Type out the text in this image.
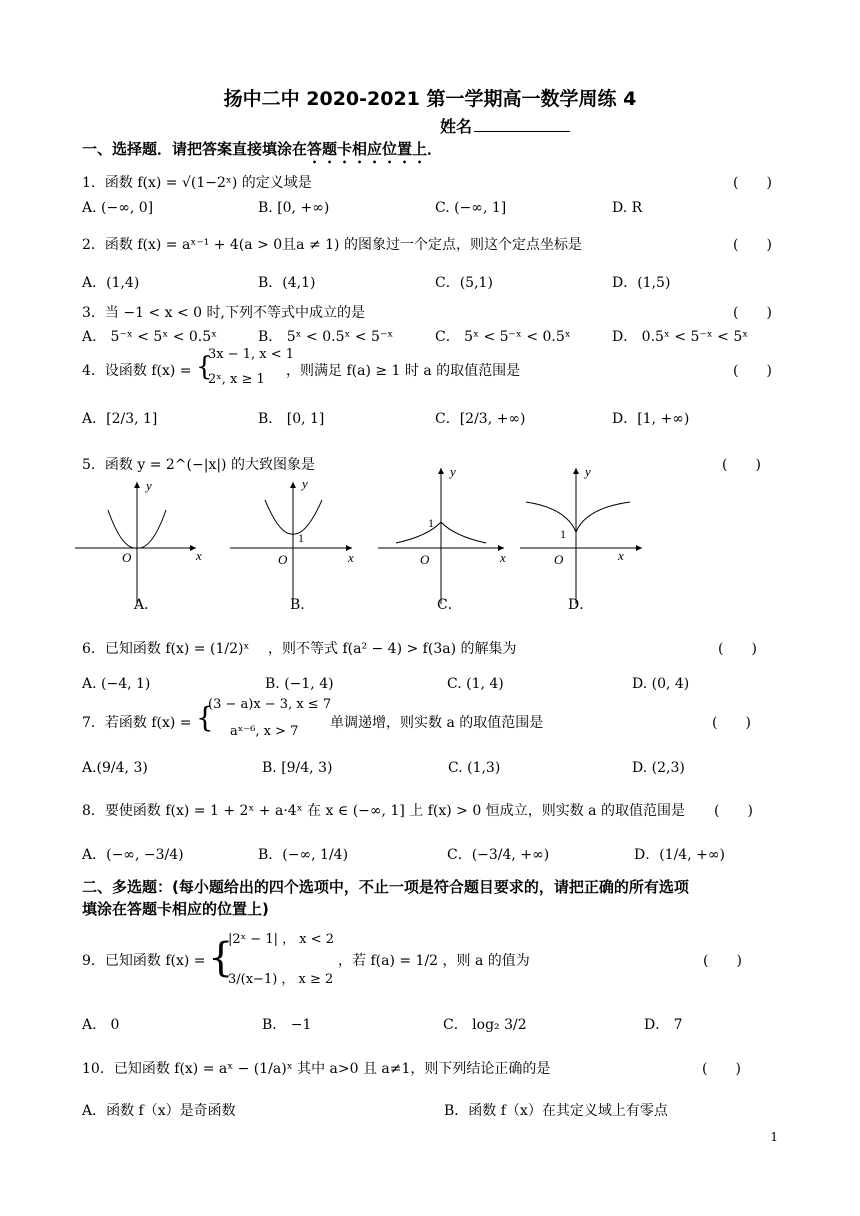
扬中二中 2020-2021 第一学期高一数学周练 4
姓名
一、选择题．请把答案直接填涂在答题卡相应位置上．
1．函数 f(x) = √(1−2ˣ) 的定义域是	(　　)
A. (−∞, 0]	B. [0, +∞)	C. (−∞, 1]	D. R
2．函数 f(x) = aˣ⁻¹ + 4(a > 0且a ≠ 1) 的图象过一个定点，则这个定点坐标是	(　　)
A．(1,4)	B．(4,1)	C．(5,1)	D．(1,5)
3．当 −1 < x < 0 时,下列不等式中成立的是	(　　)
A． 5⁻ˣ < 5ˣ < 0.5ˣ	B． 5ˣ < 0.5ˣ < 5⁻ˣ	C． 5ˣ < 5⁻ˣ < 0.5ˣ	D． 0.5ˣ < 5⁻ˣ < 5ˣ
4．设函数 f(x) = {
3x − 1, x < 1
2ˣ, x ≥ 1
，则满足 f(a) ≥ 1 时 a 的取值范围是	(　　)
A．[2/3, 1]	B． [0, 1]	C．[2/3, +∞)	D．[1, +∞)
5．函数 y = 2^(−|x|) 的大致图象是	(　　)
y
O	x
y
1
O	x
y
1
O	x
y
1
O	x
A．	B．	C．	D．
6．已知函数 f(x) = (1/2)ˣ ，则不等式 f(a² − 4) > f(3a) 的解集为	(　　)
A. (−4, 1)	B. (−1, 4)	C. (1, 4)	D. (0, 4)
7．若函数 f(x) = {
(3 − a)x − 3, x ≤ 7
aˣ⁻⁶, x > 7
单调递增，则实数 a 的取值范围是	(　　)
A.(9/4, 3)	B. [9/4, 3)	C. (1,3)	D. (2,3)
8．要使函数 f(x) = 1 + 2ˣ + a·4ˣ 在 x ∈ (−∞, 1] 上 f(x) > 0 恒成立，则实数 a 的取值范围是 (　　)
A．(−∞, −3/4)	B．(−∞, 1/4)	C．(−3/4, +∞)	D．(1/4, +∞)
二、多选题：(每小题给出的四个选项中，不止一项是符合题目要求的，请把正确的所有选项
填涂在答题卡相应的位置上)
9．已知函数 f(x) = {
|2ˣ − 1| ， x < 2
3/(x−1) ， x ≥ 2
，若 f(a) = 1/2 ，则 a 的值为	(　　)
A． 0	B． −1	C． log₂ 3/2	D． 7
10．已知函数 f(x) = aˣ − (1/a)ˣ 其中 a>0 且 a≠1，则下列结论正确的是	(　　)
A．函数 f（x）是奇函数	B．函数 f（x）在其定义域上有零点
1
